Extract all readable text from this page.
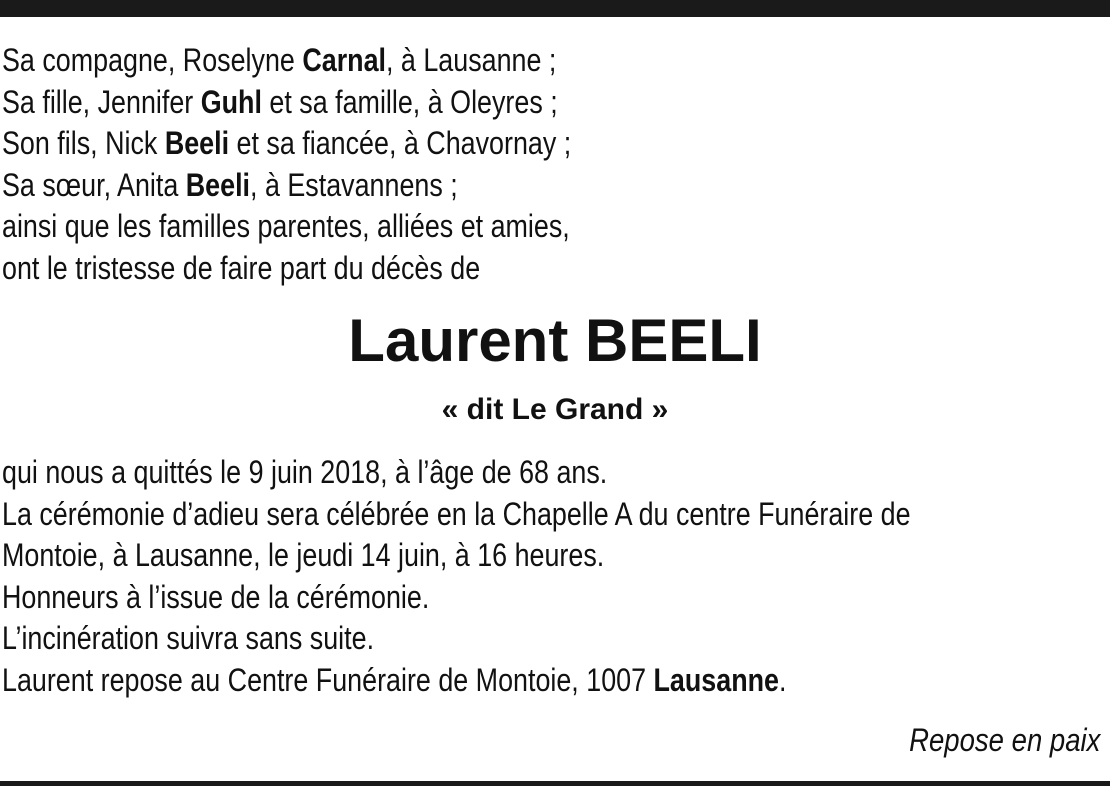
Sa compagne, Roselyne Carnal, à Lausanne ;
Sa fille, Jennifer Guhl et sa famille, à Oleyres ;
Son fils, Nick Beeli et sa fiancée, à Chavornay ;
Sa sœur, Anita Beeli, à Estavannens ;
ainsi que les familles parentes, alliées et amies,
ont le tristesse de faire part du décès de
Laurent BEELI
« dit Le Grand »
qui nous a quittés le 9 juin 2018, à l’âge de 68 ans.
La cérémonie d’adieu sera célébrée en la Chapelle A du centre Funéraire de
Montoie, à Lausanne, le jeudi 14 juin, à 16 heures.
Honneurs à l’issue de la cérémonie.
L’incinération suivra sans suite.
Laurent repose au Centre Funéraire de Montoie, 1007 Lausanne.
Repose en paix
